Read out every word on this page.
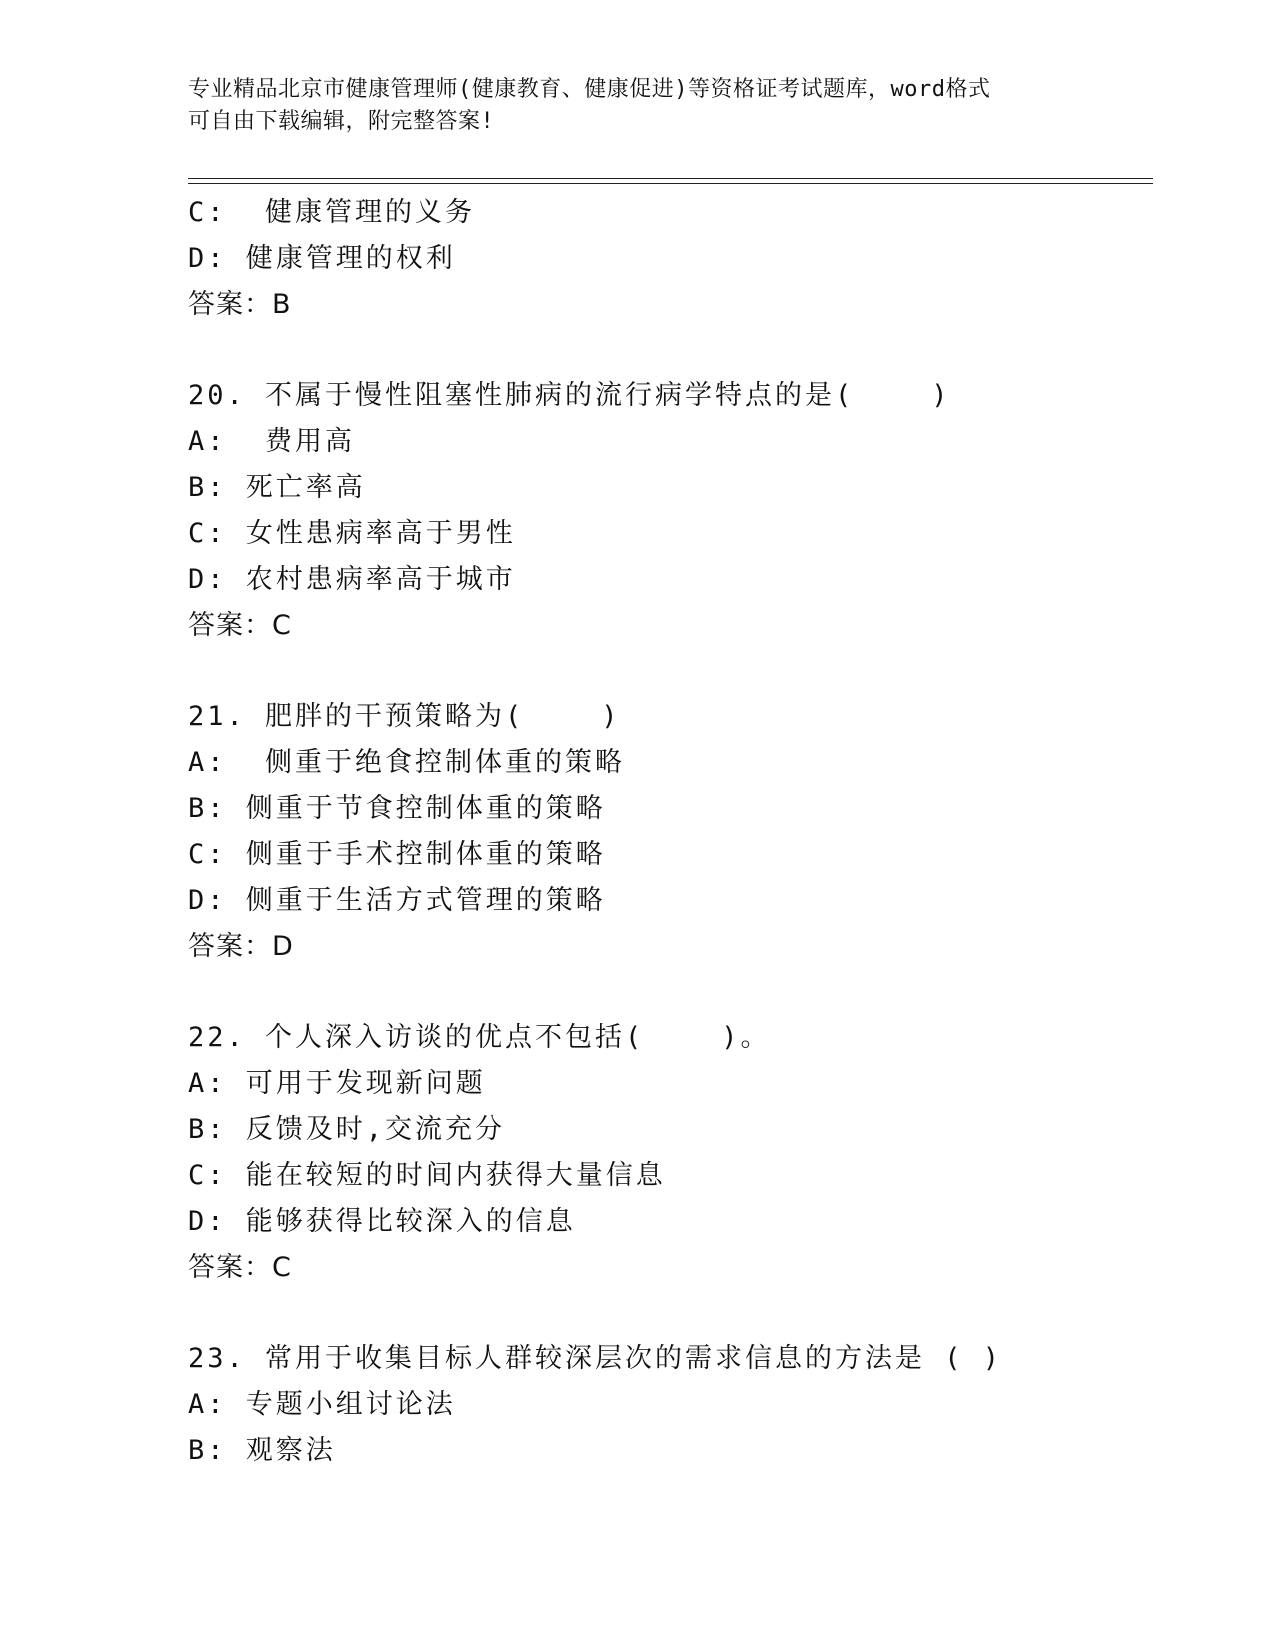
专业精品北京市健康管理师(健康教育、健康促进)等资格证考试题库，word格式
可自由下载编辑，附完整答案!
C:  健康管理的义务
D: 健康管理的权利
答案：B
20. 不属于慢性阻塞性肺病的流行病学特点的是(    )
A:  费用高
B: 死亡率高
C: 女性患病率高于男性
D: 农村患病率高于城市
答案：C
21. 肥胖的干预策略为(    )
A:  侧重于绝食控制体重的策略
B: 侧重于节食控制体重的策略
C: 侧重于手术控制体重的策略
D: 侧重于生活方式管理的策略
答案：D
22. 个人深入访谈的优点不包括(    )。
A: 可用于发现新问题
B: 反馈及时,交流充分
C: 能在较短的时间内获得大量信息
D: 能够获得比较深入的信息
答案：C
23. 常用于收集目标人群较深层次的需求信息的方法是 ( )
A: 专题小组讨论法
B: 观察法
